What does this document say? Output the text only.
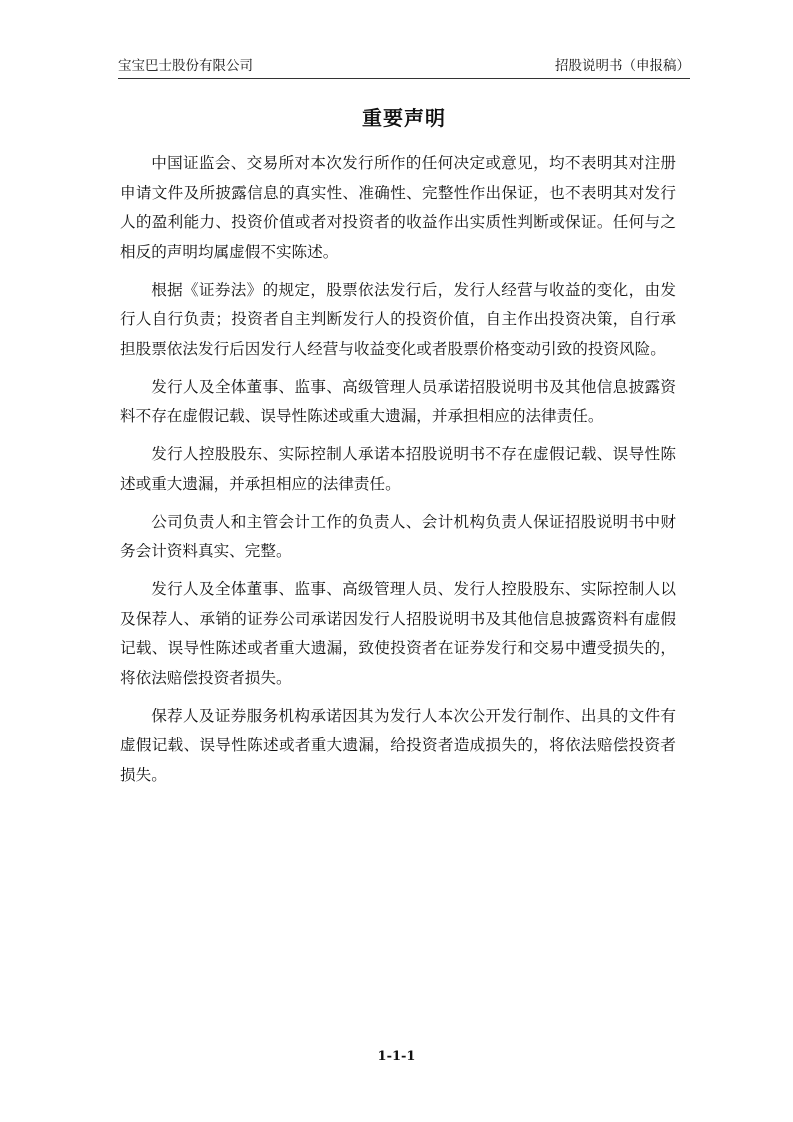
宝宝巴士股份有限公司	招股说明书（申报稿）
重要声明

中国证监会、交易所对本次发行所作的任何决定或意见，均不表明其对注册申请文件及所披露信息的真实性、准确性、完整性作出保证，也不表明其对发行人的盈利能力、投资价值或者对投资者的收益作出实质性判断或保证。任何与之相反的声明均属虚假不实陈述。

根据《证券法》的规定，股票依法发行后，发行人经营与收益的变化，由发行人自行负责；投资者自主判断发行人的投资价值，自主作出投资决策，自行承担股票依法发行后因发行人经营与收益变化或者股票价格变动引致的投资风险。

发行人及全体董事、监事、高级管理人员承诺招股说明书及其他信息披露资料不存在虚假记载、误导性陈述或重大遗漏，并承担相应的法律责任。

发行人控股股东、实际控制人承诺本招股说明书不存在虚假记载、误导性陈述或重大遗漏，并承担相应的法律责任。

公司负责人和主管会计工作的负责人、会计机构负责人保证招股说明书中财务会计资料真实、完整。

发行人及全体董事、监事、高级管理人员、发行人控股股东、实际控制人以及保荐人、承销的证券公司承诺因发行人招股说明书及其他信息披露资料有虚假记载、误导性陈述或者重大遗漏，致使投资者在证券发行和交易中遭受损失的，将依法赔偿投资者损失。

保荐人及证券服务机构承诺因其为发行人本次公开发行制作、出具的文件有虚假记载、误导性陈述或者重大遗漏，给投资者造成损失的，将依法赔偿投资者损失。

1-1-1
